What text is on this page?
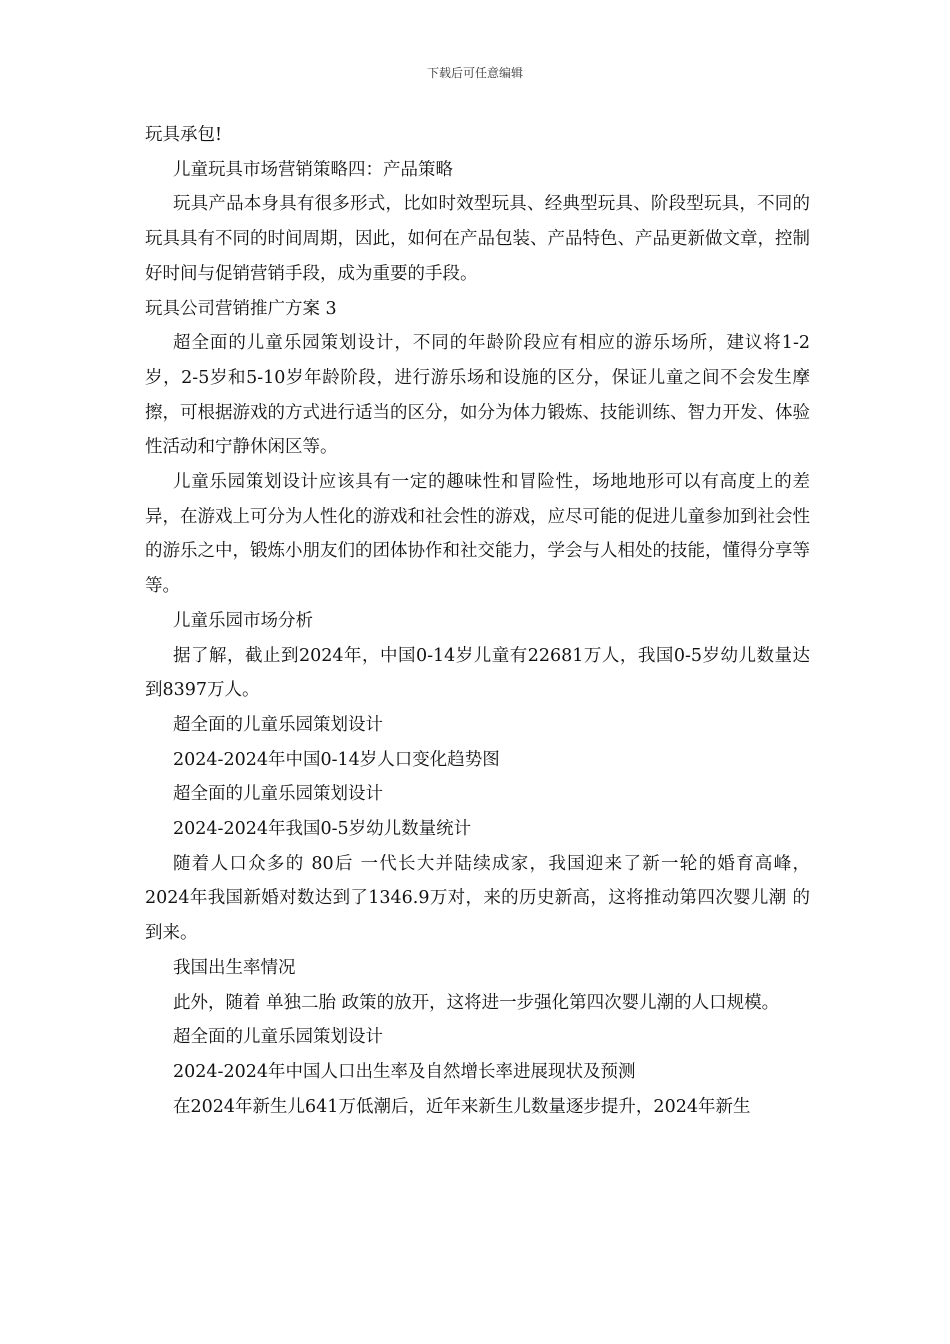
下载后可任意编辑

玩具承包!

儿童玩具市场营销策略四：产品策略

玩具产品本身具有很多形式，比如时效型玩具、经典型玩具、阶段型玩具，不同的玩具具有不同的时间周期，因此，如何在产品包装、产品特色、产品更新做文章，控制好时间与促销营销手段，成为重要的手段。

玩具公司营销推广方案 3

超全面的儿童乐园策划设计，不同的年龄阶段应有相应的游乐场所，建议将1-2岁，2-5岁和5-10岁年龄阶段，进行游乐场和设施的区分，保证儿童之间不会发生摩擦，可根据游戏的方式进行适当的区分，如分为体力锻炼、技能训练、智力开发、体验性活动和宁静休闲区等。

儿童乐园策划设计应该具有一定的趣味性和冒险性，场地地形可以有高度上的差异，在游戏上可分为人性化的游戏和社会性的游戏，应尽可能的促进儿童参加到社会性的游乐之中，锻炼小朋友们的团体协作和社交能力，学会与人相处的技能，懂得分享等等。

儿童乐园市场分析

据了解，截止到2024年，中国0-14岁儿童有22681万人，我国0-5岁幼儿数量达到8397万人。

超全面的儿童乐园策划设计

2024-2024年中国0-14岁人口变化趋势图

超全面的儿童乐园策划设计

2024-2024年我国0-5岁幼儿数量统计

随着人口众多的 80后 一代长大并陆续成家，我国迎来了新一轮的婚育高峰，2024年我国新婚对数达到了1346.9万对，来的历史新高，这将推动第四次婴儿潮 的到来。

我国出生率情况

此外，随着 单独二胎 政策的放开，这将进一步强化第四次婴儿潮的人口规模。

超全面的儿童乐园策划设计

2024-2024年中国人口出生率及自然增长率进展现状及预测

在2024年新生儿641万低潮后，近年来新生儿数量逐步提升，2024年新生
